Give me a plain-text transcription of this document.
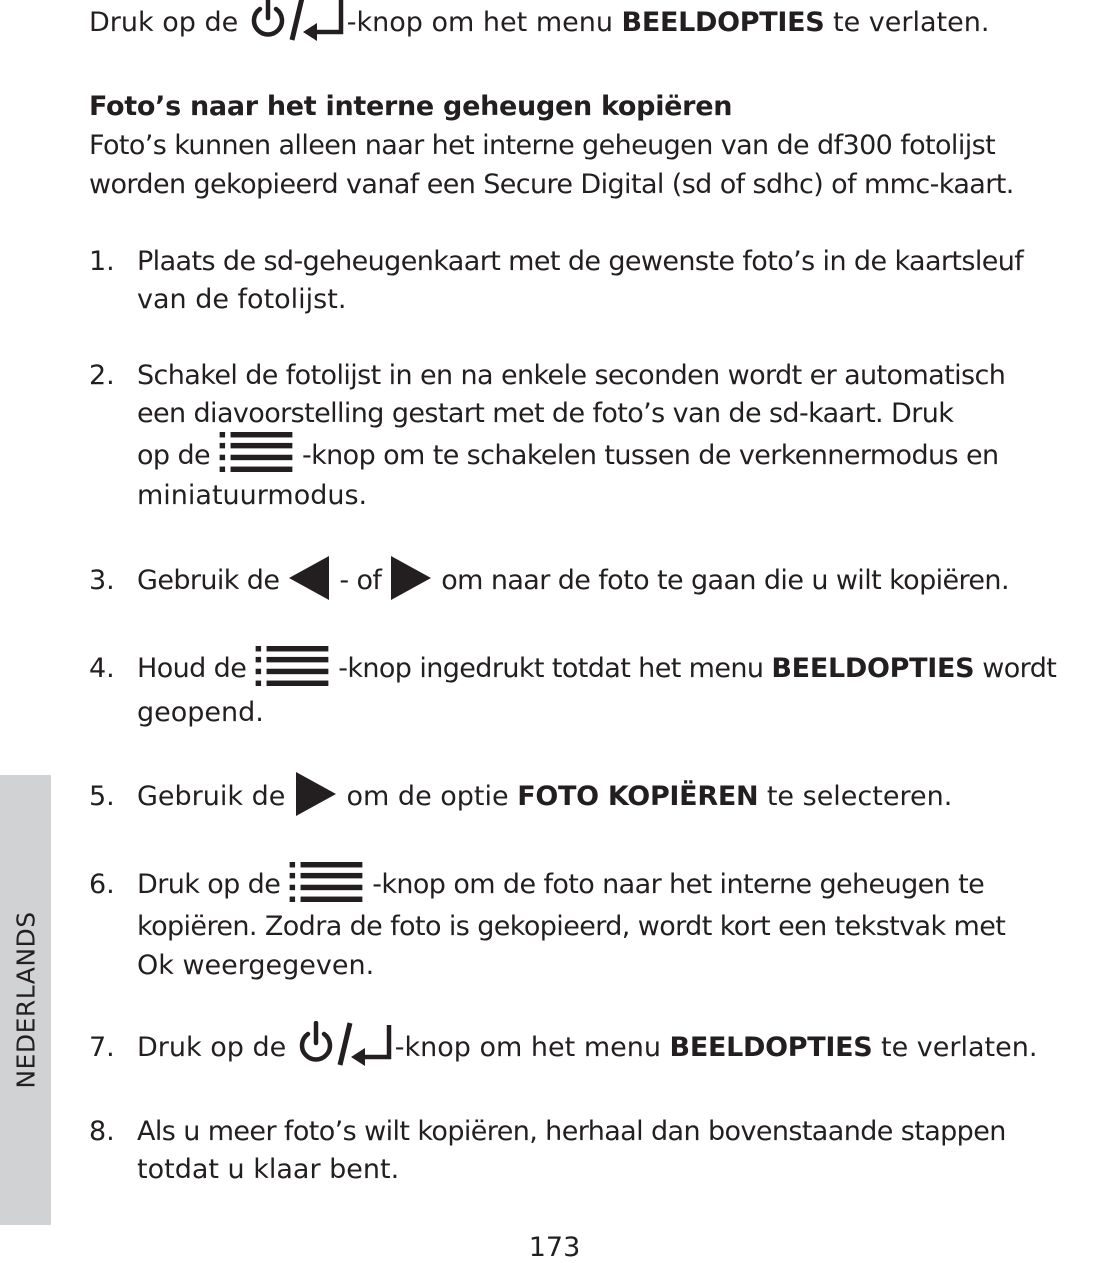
NEDERLANDS
Druk op de	-knop om het menu BEELDOPTIES te verlaten.
Foto’s naar het interne geheugen kopiëren
Foto’s kunnen alleen naar het interne geheugen van de df300 fotolijst
worden gekopieerd vanaf een Secure Digital (sd of sdhc) of mmc-kaart.
1. Plaats de sd-geheugenkaart met de gewenste foto’s in de kaartsleuf
van de fotolijst.
2. Schakel de fotolijst in en na enkele seconden wordt er automatisch
een diavoorstelling gestart met de foto’s van de sd-kaart. Druk
op de	-knop om te schakelen tussen de verkennermodus en
miniatuurmodus.
3. Gebruik de  - of  om naar de foto te gaan die u wilt kopiëren.
4. Houd de	-knop ingedrukt totdat het menu BEELDOPTIES wordt
geopend.
5. Gebruik de  om de optie FOTO KOPIËREN te selecteren.
6. Druk op de	-knop om de foto naar het interne geheugen te
kopiëren. Zodra de foto is gekopieerd, wordt kort een tekstvak met
Ok weergegeven.
7. Druk op de	-knop om het menu BEELDOPTIES te verlaten.
8. Als u meer foto’s wilt kopiëren, herhaal dan bovenstaande stappen
totdat u klaar bent.
173
